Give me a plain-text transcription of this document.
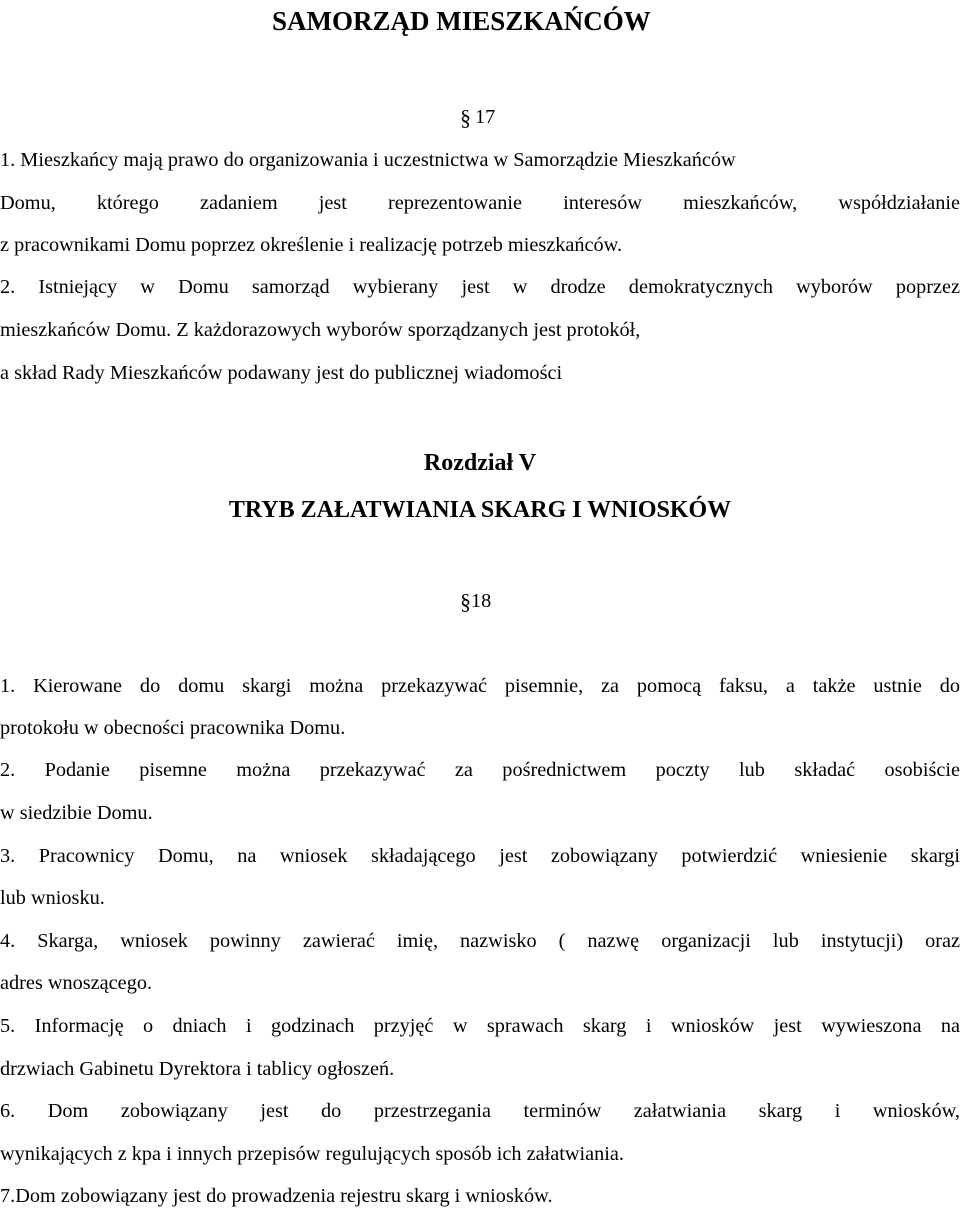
SAMORZĄD MIESZKAŃCÓW
§ 17

1. Mieszkańcy mają prawo do organizowania i uczestnictwa w Samorządzie Mieszkańców

Domu, którego zadaniem jest reprezentowanie interesów mieszkańców, współdziałanie

z pracownikami Domu poprzez określenie i realizację potrzeb mieszkańców.

2. Istniejący w Domu samorząd wybierany jest w drodze demokratycznych wyborów poprzez

mieszkańców Domu. Z każdorazowych wyborów sporządzanych jest protokół,

a skład Rady Mieszkańców podawany jest do publicznej wiadomości

Rozdział V
TRYB ZAŁATWIANIA SKARG I WNIOSKÓW
§ 18

1. Kierowane do domu skargi można przekazywać pisemnie, za pomocą faksu, a także ustnie do

protokołu w obecności pracownika Domu.

2. Podanie pisemne można przekazywać za pośrednictwem poczty lub składać osobiście

w siedzibie Domu.

3. Pracownicy Domu, na wniosek składającego jest zobowiązany potwierdzić wniesienie skargi

lub wniosku.

4. Skarga, wniosek powinny zawierać imię, nazwisko ( nazwę organizacji lub instytucji) oraz

adres wnoszącego.

5. Informację o dniach i godzinach przyjęć w sprawach skarg i wniosków jest wywieszona na

drzwiach Gabinetu Dyrektora i tablicy ogłoszeń.

6. Dom zobowiązany jest do przestrzegania terminów załatwiania skarg i wniosków,

wynikających z kpa i innych przepisów regulujących sposób ich załatwiania.

7.Dom zobowiązany jest do prowadzenia rejestru skarg i wniosków.
